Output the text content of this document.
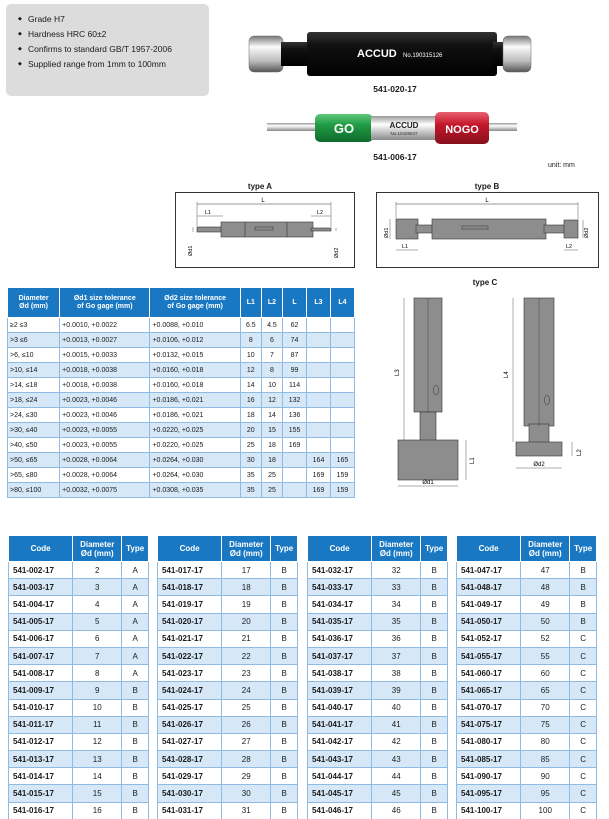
◆ Grade H7
◆ Hardness HRC 60±2
◆ Confirms to standard GB/T 1957-2006
◆ Supplied range from 1mm to 100mm
ACCUD No.190315126
541-020-17
GO	ACCUD
No.10428547	NOGO
541-006-17
unit: mm
type A
L
L1	L2
Ød1	Ød2
type B
L
L1	L2
Ød1	Ød2
type C
L3	L4
L1
L2
Ød1
Ød2
Diameter
Ød (mm)	Ød1 size tolerance
of Go gage (mm)	Ød2 size tolerance
of Go gage (mm)	L1	L2	L	L3	L4
≥2 ≤3	+0.0010, +0.0022	+0.0088, +0.010	6.5	4.5	62		
>3 ≤6	+0.0013, +0.0027	+0.0106, +0.012	8	6	74		
>6, ≤10	+0.0015, +0.0033	+0.0132, +0.015	10	7	87		
>10, ≤14	+0.0018, +0.0038	+0.0160, +0.018	12	8	99		
>14, ≤18	+0.0018, +0.0038	+0.0160, +0.018	14	10	114		
>18, ≤24	+0.0023, +0.0046	+0.0186, +0.021	16	12	132		
>24, ≤30	+0.0023, +0.0046	+0.0186, +0.021	18	14	136		
>30, ≤40	+0.0023, +0.0055	+0.0220, +0.025	20	15	155		
>40, ≤50	+0.0023, +0.0055	+0.0220, +0.025	25	18	169		
>50, ≤65	+0.0028, +0.0064	+0.0264, +0.030	30	18		164	165
>65, ≤80	+0.0028, +0.0064	+0.0264, +0.030	35	25		169	159
>80, ≤100	+0.0032, +0.0075	+0.0308, +0.035	35	25		169	159
Code	Diameter
Ød (mm)	Type
541-002-17	2	A
541-003-17	3	A
541-004-17	4	A
541-005-17	5	A
541-006-17	6	A
541-007-17	7	A
541-008-17	8	A
541-009-17	9	B
541-010-17	10	B
541-011-17	11	B
541-012-17	12	B
541-013-17	13	B
541-014-17	14	B
541-015-17	15	B
541-016-17	16	B
Code	Diameter
Ød (mm)	Type
541-017-17	17	B
541-018-17	18	B
541-019-17	19	B
541-020-17	20	B
541-021-17	21	B
541-022-17	22	B
541-023-17	23	B
541-024-17	24	B
541-025-17	25	B
541-026-17	26	B
541-027-17	27	B
541-028-17	28	B
541-029-17	29	B
541-030-17	30	B
541-031-17	31	B
Code	Diameter
Ød (mm)	Type
541-032-17	32	B
541-033-17	33	B
541-034-17	34	B
541-035-17	35	B
541-036-17	36	B
541-037-17	37	B
541-038-17	38	B
541-039-17	39	B
541-040-17	40	B
541-041-17	41	B
541-042-17	42	B
541-043-17	43	B
541-044-17	44	B
541-045-17	45	B
541-046-17	46	B
Code	Diameter
Ød (mm)	Type
541-047-17	47	B
541-048-17	48	B
541-049-17	49	B
541-050-17	50	B
541-052-17	52	C
541-055-17	55	C
541-060-17	60	C
541-065-17	65	C
541-070-17	70	C
541-075-17	75	C
541-080-17	80	C
541-085-17	85	C
541-090-17	90	C
541-095-17	95	C
541-100-17	100	C
